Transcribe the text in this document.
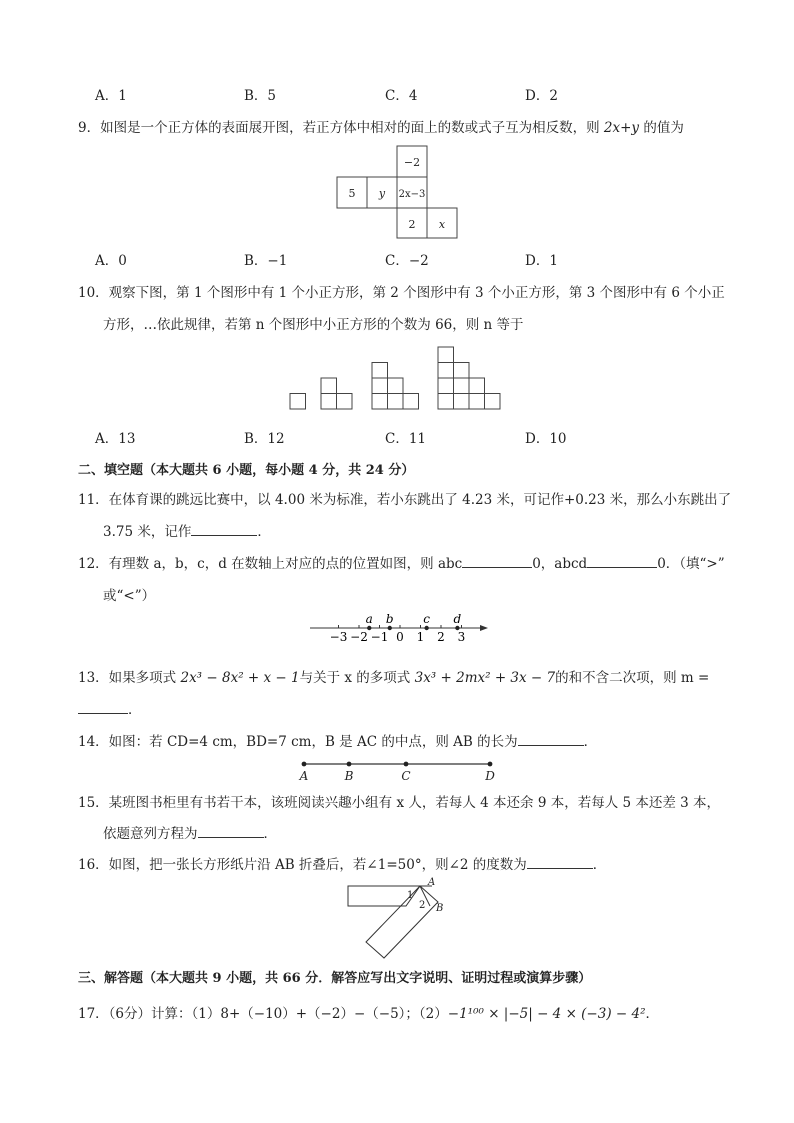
A．1	B．5	C．4	D．2
9．如图是一个正方体的表面展开图，若正方体中相对的面上的数或式子互为相反数，则 2x+y 的值为
−2
5 y 2x−3
2 x
A．0	B．−1	C．−2	D．1
10．观察下图，第 1 个图形中有 1 个小正方形，第 2 个图形中有 3 个小正方形，第 3 个图形中有 6 个小正
方形，…依此规律，若第 n 个图形中小正方形的个数为 66，则 n 等于
A．13	B．12	C．11	D．10
二、填空题（本大题共 6 小题，每小题 4 分，共 24 分）
11．在体育课的跳远比赛中，以 4.00 米为标准，若小东跳出了 4.23 米，可记作+0.23 米，那么小东跳出了
3.75 米，记作	．
12．有理数 a，b，c，d 在数轴上对应的点的位置如图，则 abc	0，abcd	0．（填“>”
或“<”）
−3 −2 −1 0 1 2 3
a b c d
13．如果多项式 2x³ − 8x² + x − 1与关于 x 的多项式 3x³ + 2mx² + 3x − 7的和不含二次项，则 m =
．
14．如图：若 CD=4 cm，BD=7 cm，B 是 AC 的中点，则 AB 的长为	．
A	B	C	D
15．某班图书柜里有书若干本，该班阅读兴趣小组有 x 人，若每人 4 本还余 9 本，若每人 5 本还差 3 本，
依题意列方程为	．
16．如图，把一张长方形纸片沿 AB 折叠后，若∠1=50°，则∠2 的度数为	．
A
B
1
2
三、解答题（本大题共 9 小题，共 66 分．解答应写出文字说明、证明过程或演算步骤）
17．（6分）计算：（1）8+（−10）+（−2）−（−5）；（2）−1¹⁰⁰ × |−5| − 4 × (−3) − 4²．
